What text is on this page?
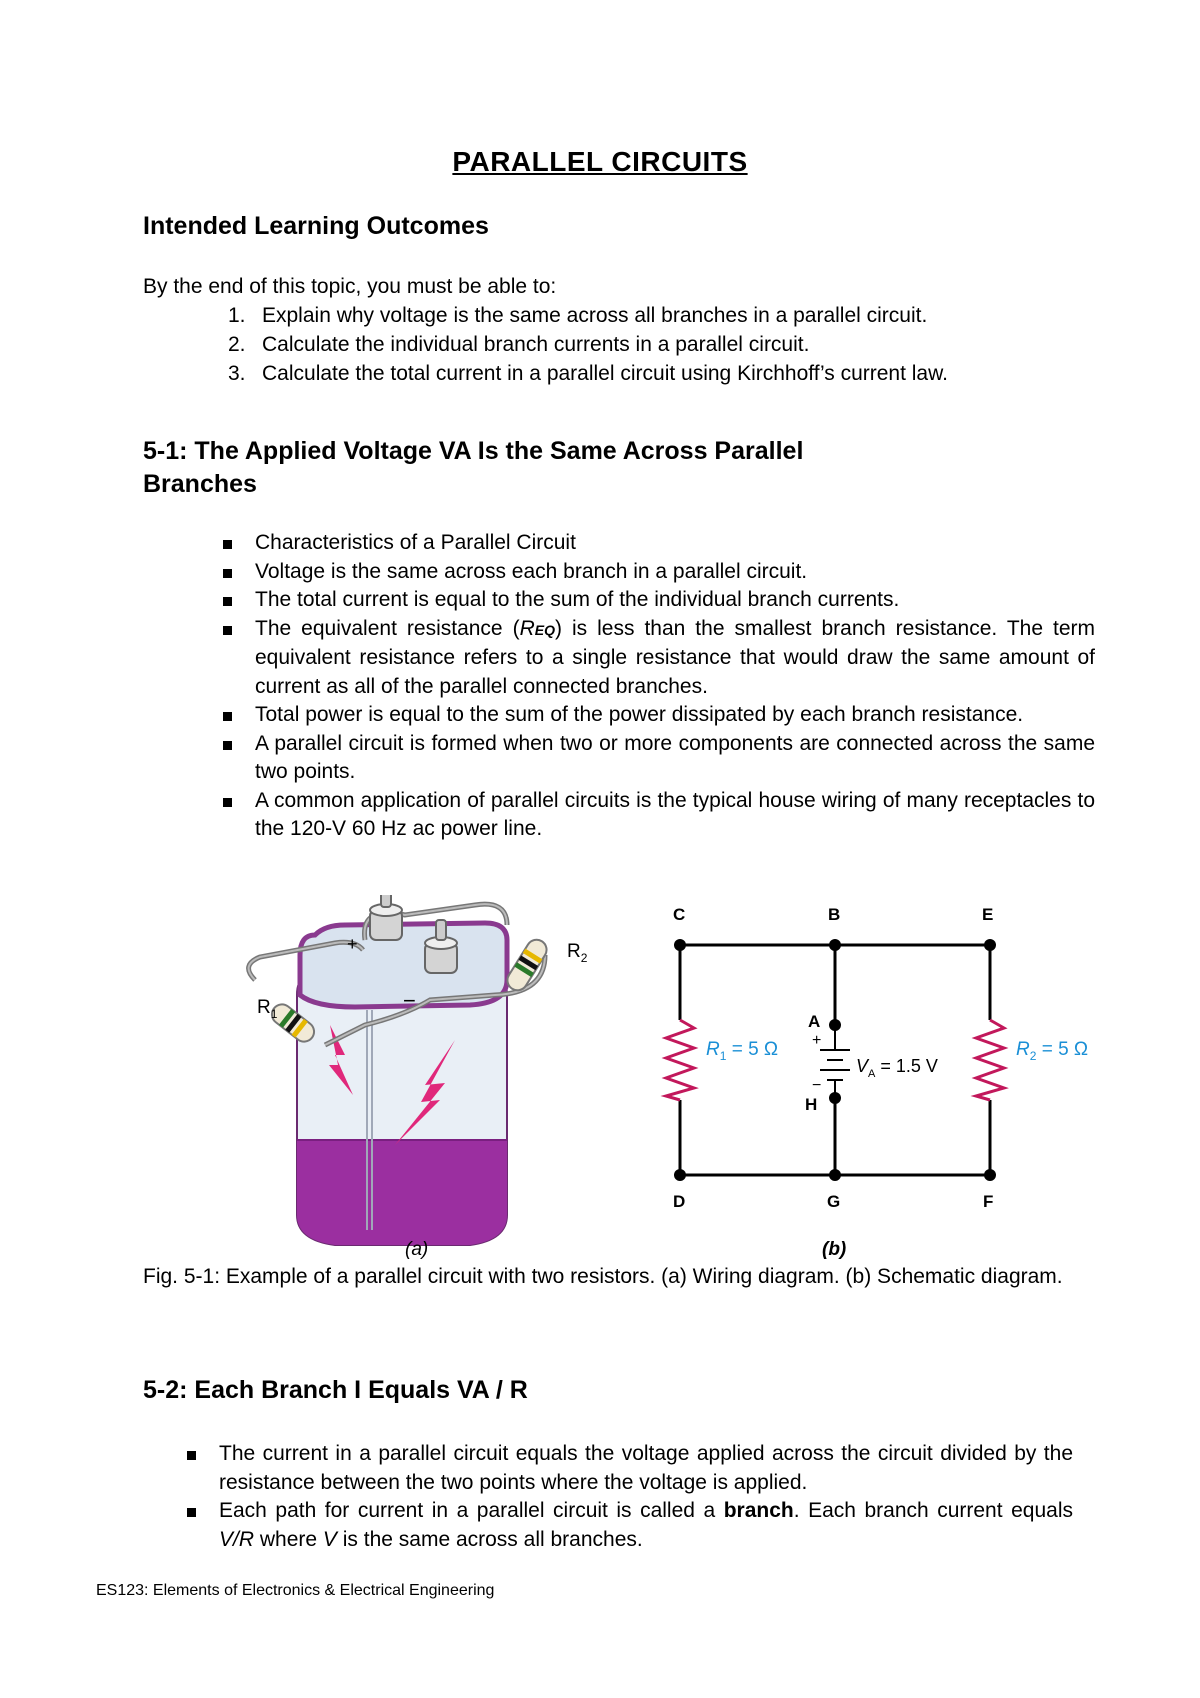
PARALLEL CIRCUITS
Intended Learning Outcomes
By the end of this topic, you must be able to:
1. Explain why voltage is the same across all branches in a parallel circuit.
2. Calculate the individual branch currents in a parallel circuit.
3. Calculate the total current in a parallel circuit using Kirchhoff’s current law.
5-1: The Applied Voltage VA Is the Same Across Parallel
Branches
Characteristics of a Parallel Circuit
Voltage is the same across each branch in a parallel circuit.
The total current is equal to the sum of the individual branch currents.
The equivalent resistance (REQ) is less than the smallest branch resistance. The term equivalent resistance refers to a single resistance that would draw the same amount of current as all of the parallel connected branches.
Total power is equal to the sum of the power dissipated by each branch resistance.
A parallel circuit is formed when two or more components are connected across the same two points.
A common application of parallel circuits is the typical house wiring of many receptacles to the 120-V 60 Hz ac power line.
+
−
$R_1$
$R_2$
(a)
C	B	E
A
H
D	G	F
+
−
$R_1 = 5$ Ω	$R_2 = 5$ Ω
$V_A = 1.5$ V
(b)
Fig. 5-1: Example of a parallel circuit with two resistors. (a) Wiring diagram. (b) Schematic diagram.
5-2: Each Branch I Equals VA / R
The current in a parallel circuit equals the voltage applied across the circuit divided by the resistance between the two points where the voltage is applied.
Each path for current in a parallel circuit is called a branch. Each branch current equals V/R where V is the same across all branches.
ES123: Elements of Electronics & Electrical Engineering
